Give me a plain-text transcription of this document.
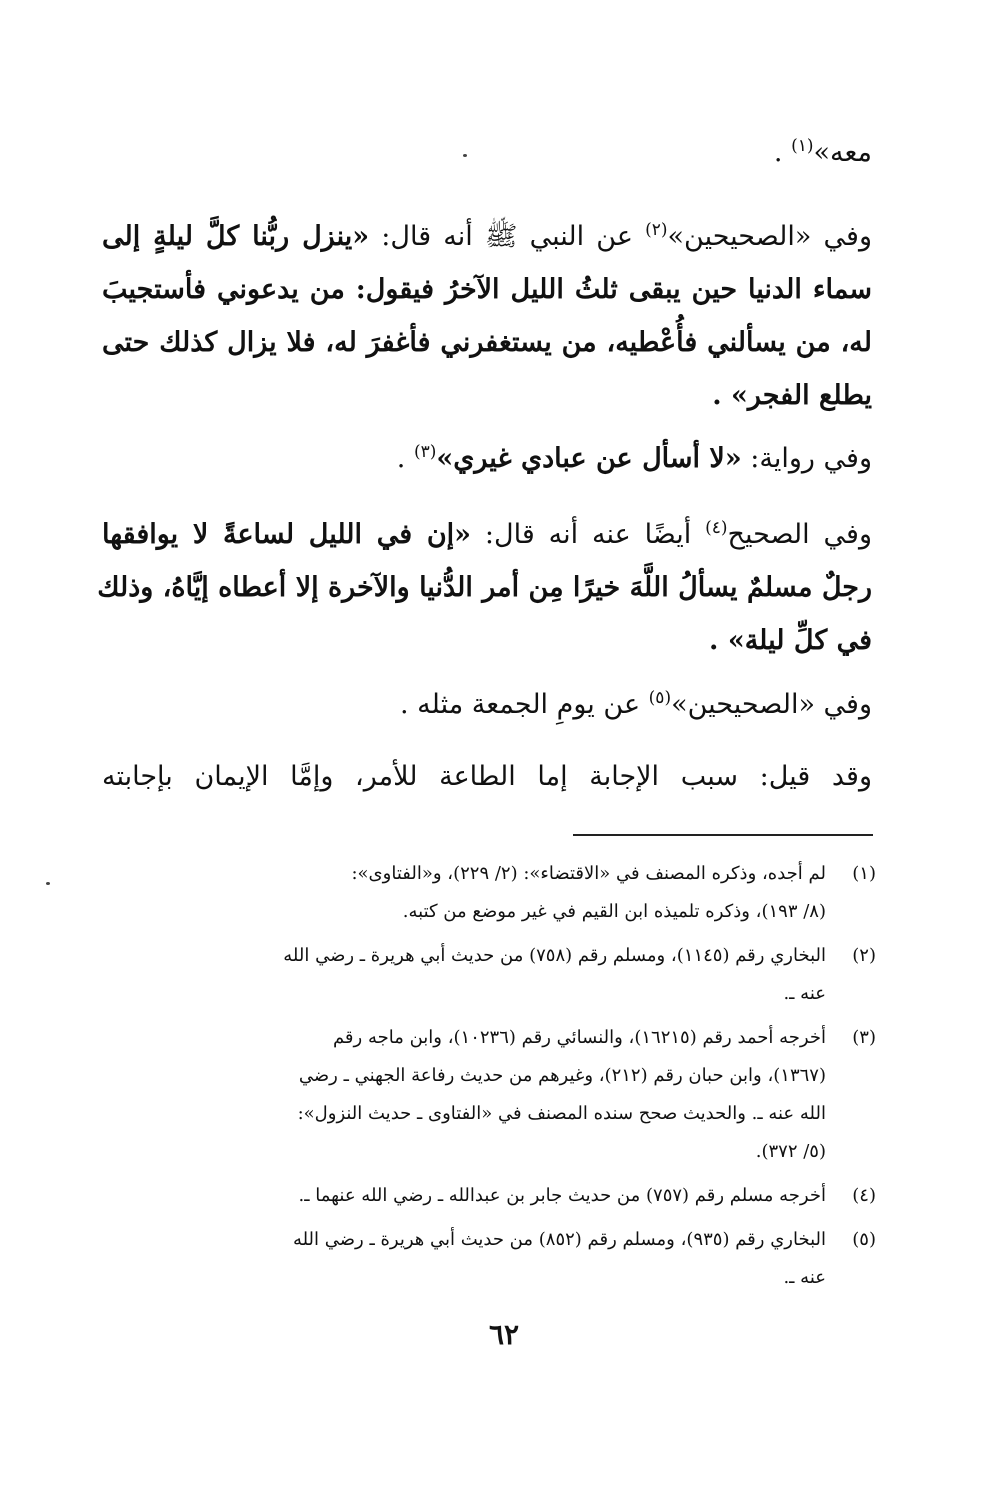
معه»$^{(١)}$ .
وفي «الصحيحين»$^{(٢)}$ عن النبي ﷺ أنه قال: «ينزل ربُّنا كلَّ ليلةٍ إلى
سماء الدنيا حين يبقى ثلثُ الليل الآخرُ فيقول: من يدعوني فأستجيبَ
له، من يسألني فأُعْطيه، من يستغفرني فأغفرَ له، فلا يزال كذلك حتى
يطلع الفجر» .
وفي رواية: «لا أسأل عن عبادي غيري»$^{(٣)}$ .
وفي الصحيح$^{(٤)}$ أيضًا عنه أنه قال: «إن في الليل لساعةً لا يوافقها
رجلٌ مسلمٌ يسألُ اللَّهَ خيرًا مِن أمر الدُّنيا والآخرة إلا أعطاه إيَّاهُ، وذلك
في كلِّ ليلة» .
وفي «الصحيحين»$^{(٥)}$ عن يومِ الجمعة مثله .
وقد قيل: سبب الإجابة إما الطاعة للأمر، وإمَّا الإيمان بإجابته
(١)
لم أجده، وذكره المصنف في «الاقتضاء»: (٢/ ٢٢٩)، و«الفتاوى»:
(٨/ ١٩٣)، وذكره تلميذه ابن القيم في غير موضع من كتبه.
(٢)
البخاري رقم (١١٤٥)، ومسلم رقم (٧٥٨) من حديث أبي هريرة ـ رضي الله
عنه ـ.
(٣)
أخرجه أحمد رقم (١٦٢١٥)، والنسائي رقم (١٠٢٣٦)، وابن ماجه رقم
(١٣٦٧)، وابن حبان رقم (٢١٢)، وغيرهم من حديث رفاعة الجهني ـ رضي
الله عنه ـ. والحديث صحح سنده المصنف في «الفتاوى ـ حديث النزول»:
(٥/ ٣٧٢).
(٤)
أخرجه مسلم رقم (٧٥٧) من حديث جابر بن عبدالله ـ رضي الله عنهما ـ.
(٥)
البخاري رقم (٩٣٥)، ومسلم رقم (٨٥٢) من حديث أبي هريرة ـ رضي الله
عنه ـ.
٦٢
